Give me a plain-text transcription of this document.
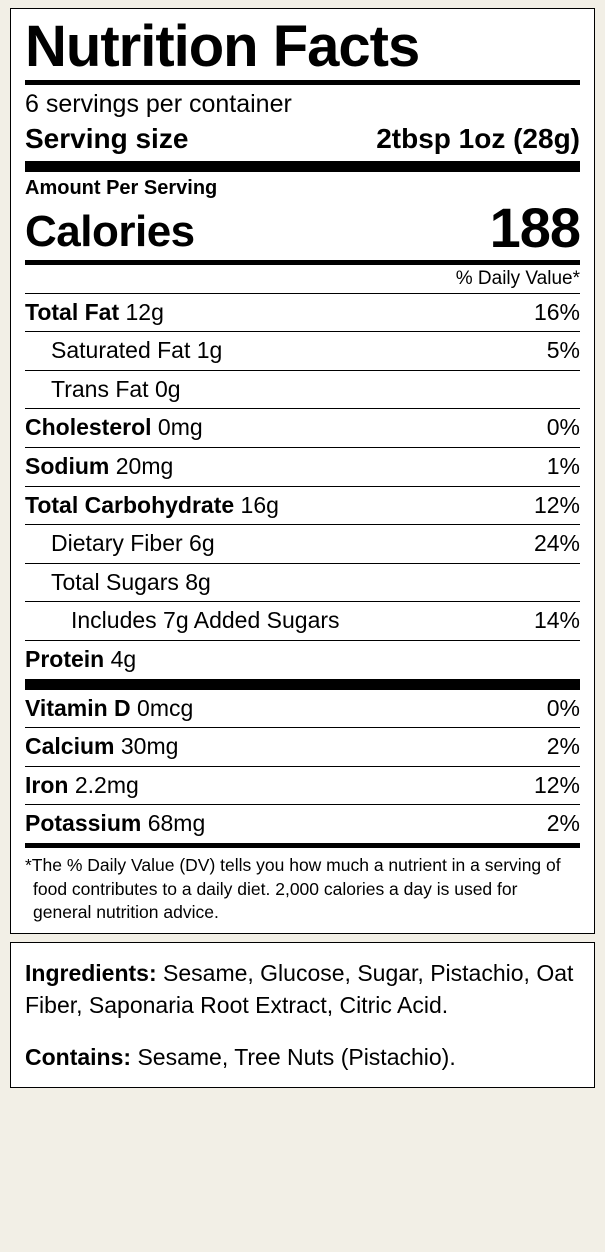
Nutrition Facts
6 servings per container
Serving size	2tbsp 1oz (28g)
Amount Per Serving
Calories	188
% Daily Value*
Total Fat 12g	16%
Saturated Fat 1g	5%
Trans Fat 0g
Cholesterol 0mg	0%
Sodium 20mg	1%
Total Carbohydrate 16g	12%
Dietary Fiber 6g	24%
Total Sugars 8g
Includes 7g Added Sugars	14%
Protein 4g
Vitamin D 0mcg	0%
Calcium 30mg	2%
Iron 2.2mg	12%
Potassium 68mg	2%

*The % Daily Value (DV) tells you how much a nutrient in a serving of food contributes to a daily diet. 2,000 calories a day is used for general nutrition advice.

Ingredients: Sesame, Glucose, Sugar, Pistachio, Oat Fiber, Saponaria Root Extract, Citric Acid.
Contains: Sesame, Tree Nuts (Pistachio).
